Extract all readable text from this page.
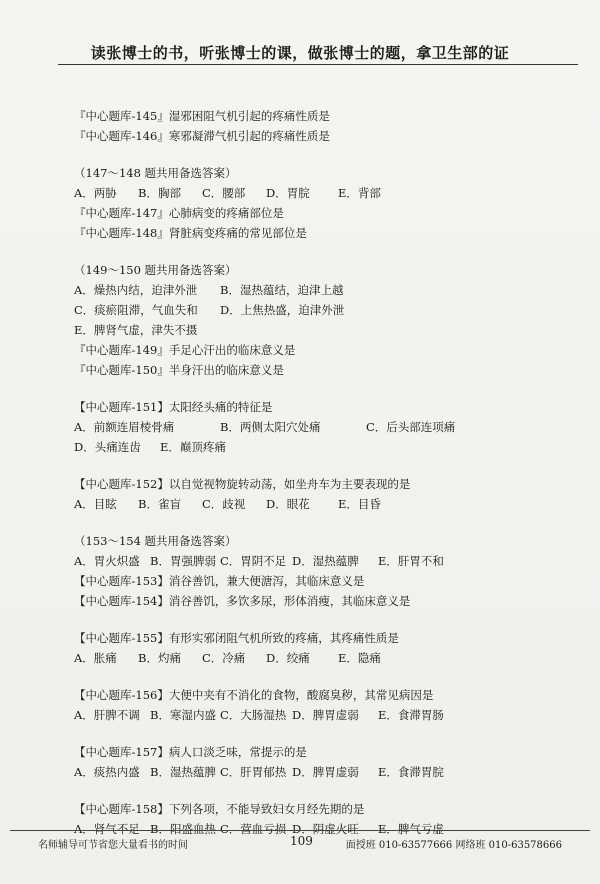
读张博士的书，听张博士的课，做张博士的题，拿卫生部的证
『中心题库-145』湿邪困阻气机引起的疼痛性质是
『中心题库-146』寒邪凝滞气机引起的疼痛性质是
（147～148 题共用备选答案）
A．两胁	B．胸部	C．腰部	D．胃脘	E．背部
『中心题库-147』心肺病变的疼痛部位是
『中心题库-148』肾脏病变疼痛的常见部位是
（149～150 题共用备选答案）
A．燥热内结，迫津外泄	B．湿热蕴结，迫津上越
C．痰瘀阻滞，气血失和	D．上焦热盛，迫津外泄
E．脾肾气虚，津失不摄
『中心题库-149』手足心汗出的临床意义是
『中心题库-150』半身汗出的临床意义是
【中心题库-151】太阳经头痛的特征是
A．前额连眉棱骨痛	B．两侧太阳穴处痛	C．后头部连项痛
D．头痛连齿	E．巅顶疼痛
【中心题库-152】以自觉视物旋转动荡，如坐舟车为主要表现的是
A．目眩	B．雀盲	C．歧视	D．眼花	E．目昏
（153～154 题共用备选答案）
A．胃火炽盛 B．胃强脾弱 C．胃阴不足 D．湿热蕴脾	E．肝胃不和
【中心题库-153】消谷善饥，兼大便溏泻，其临床意义是
【中心题库-154】消谷善饥，多饮多尿，形体消瘦，其临床意义是
【中心题库-155】有形实邪闭阻气机所致的疼痛，其疼痛性质是
A．胀痛	B．灼痛	C．冷痛	D．绞痛	E．隐痛
【中心题库-156】大便中夹有不消化的食物，酸腐臭秽，其常见病因是
A．肝脾不调 B．寒湿内盛 C．大肠湿热 D．脾胃虚弱	E．食滞胃肠
【中心题库-157】病人口淡乏味，常提示的是
A．痰热内盛 B．湿热蕴脾 C．肝胃郁热 D．脾胃虚弱	E．食滞胃脘
【中心题库-158】下列各项，不能导致妇女月经先期的是
A．肾气不足 B．阳盛血热 C．营血亏损 D．阴虚火旺	E．脾气亏虚
名师辅导可节省您大量看书的时间	109	面授班 010-63577666 网络班 010-63578666
